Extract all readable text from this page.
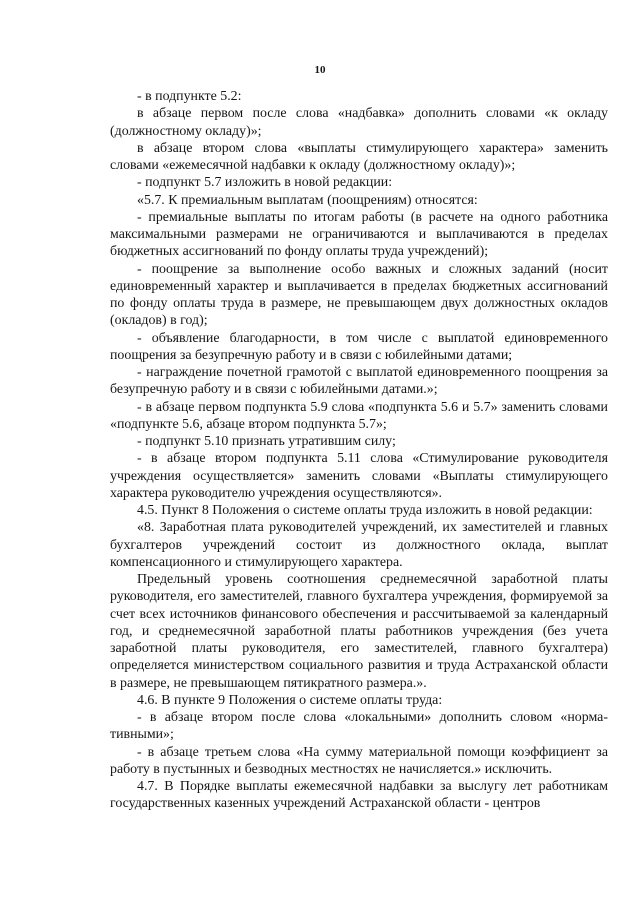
10

- в подпункте 5.2:

в абзаце первом после слова «надбавка» дополнить словами «к окладу (должностному окладу)»;

в абзаце втором слова «выплаты стимулирующего характера» заменить словами «ежемесячной надбавки к окладу (должностному окладу)»;

- подпункт 5.7 изложить в новой редакции:

«5.7. К премиальным выплатам (поощрениям) относятся:

- премиальные выплаты по итогам работы (в расчете на одного работника максимальными размерами не ограничиваются и выплачиваются в пределах бюджетных ассигнований по фонду оплаты труда учреждений);

- поощрение за выполнение особо важных и сложных заданий (носит единовременный характер и выплачивается в пределах бюджетных ассигнований по фонду оплаты труда в размере, не превышающем двух должностных окладов (окладов) в год);

- объявление благодарности, в том числе с выплатой единовременного поощрения за безупречную работу и в связи с юбилейными датами;

- награждение почетной грамотой с выплатой единовременного поощрения за безупречную работу и в связи с юбилейными датами.»;

- в абзаце первом подпункта 5.9 слова «подпункта 5.6 и 5.7» заменить словами «подпункте 5.6, абзаце втором подпункта 5.7»;

- подпункт 5.10 признать утратившим силу;

- в абзаце втором подпункта 5.11 слова «Стимулирование руководителя учреждения осуществляется» заменить словами «Выплаты стимулирующего характера руководителю учреждения осуществляются».

4.5. Пункт 8 Положения о системе оплаты труда изложить в новой редакции:

«8. Заработная плата руководителей учреждений, их заместителей и главных бухгалтеров учреждений состоит из должностного оклада, выплат компенсационного и стимулирующего характера.

Предельный уровень соотношения среднемесячной заработной платы руководителя, его заместителей, главного бухгалтера учреждения, формируемой за счет всех источников финансового обеспечения и рассчитываемой за календарный год, и среднемесячной заработной платы работников учреждения (без учета заработной платы руководителя, его заместителей, главного бухгалтера) определяется министерством социального развития и труда Астраханской области в размере, не превышающем пятикратного размера.».

4.6. В пункте 9 Положения о системе оплаты труда:

- в абзаце втором после слова «локальными» дополнить словом «нормативными»;

- в абзаце третьем слова «На сумму материальной помощи коэффициент за работу в пустынных и безводных местностях не начисляется.» исключить.

4.7. В Порядке выплаты ежемесячной надбавки за выслугу лет работникам государственных казенных учреждений Астраханской области - центров
